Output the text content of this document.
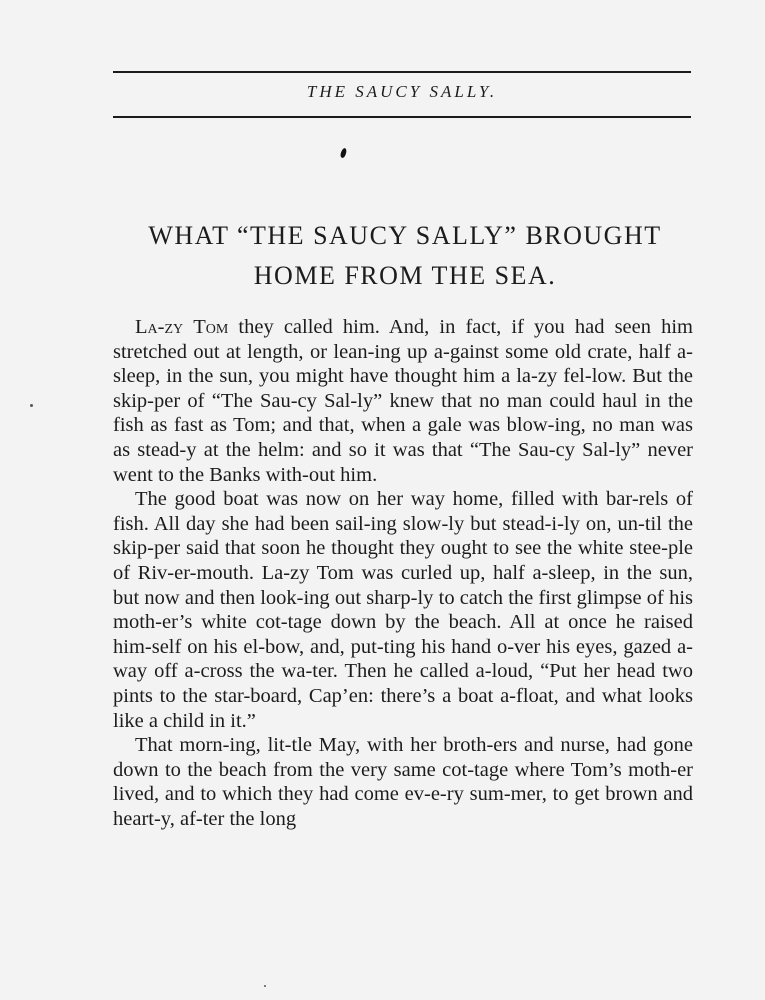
THE SAUCY SALLY.
WHAT “THE SAUCY SALLY” BROUGHT
HOME FROM THE SEA.

La-zy Tom they called him. And, in fact, if you had seen him stretched out at length, or lean-ing up a-gainst some old crate, half a-sleep, in the sun, you might have thought him a la-zy fel-low. But the skip-per of “The Sau-cy Sal-ly” knew that no man could haul in the fish as fast as Tom; and that, when a gale was blow-ing, no man was as stead-y at the helm: and so it was that “The Sau-cy Sal-ly” never went to the Banks with-out him.

The good boat was now on her way home, filled with bar-rels of fish. All day she had been sail-ing slow-ly but stead-i-ly on, un-til the skip-per said that soon he thought they ought to see the white stee-ple of Riv-er-mouth. La-zy Tom was curled up, half a-sleep, in the sun, but now and then look-ing out sharp-ly to catch the first glimpse of his moth-er’s white cot-tage down by the beach. All at once he raised him-self on his el-bow, and, put-ting his hand o-ver his eyes, gazed a-way off a-cross the wa-ter. Then he called a-loud, “Put her head two pints to the star-board, Cap’en: there’s a boat a-float, and what looks like a child in it.”

That morn-ing, lit-tle May, with her broth-ers and nurse, had gone down to the beach from the very same cot-tage where Tom’s moth-er lived, and to which they had come ev-e-ry sum-mer, to get brown and heart-y, af-ter the long
